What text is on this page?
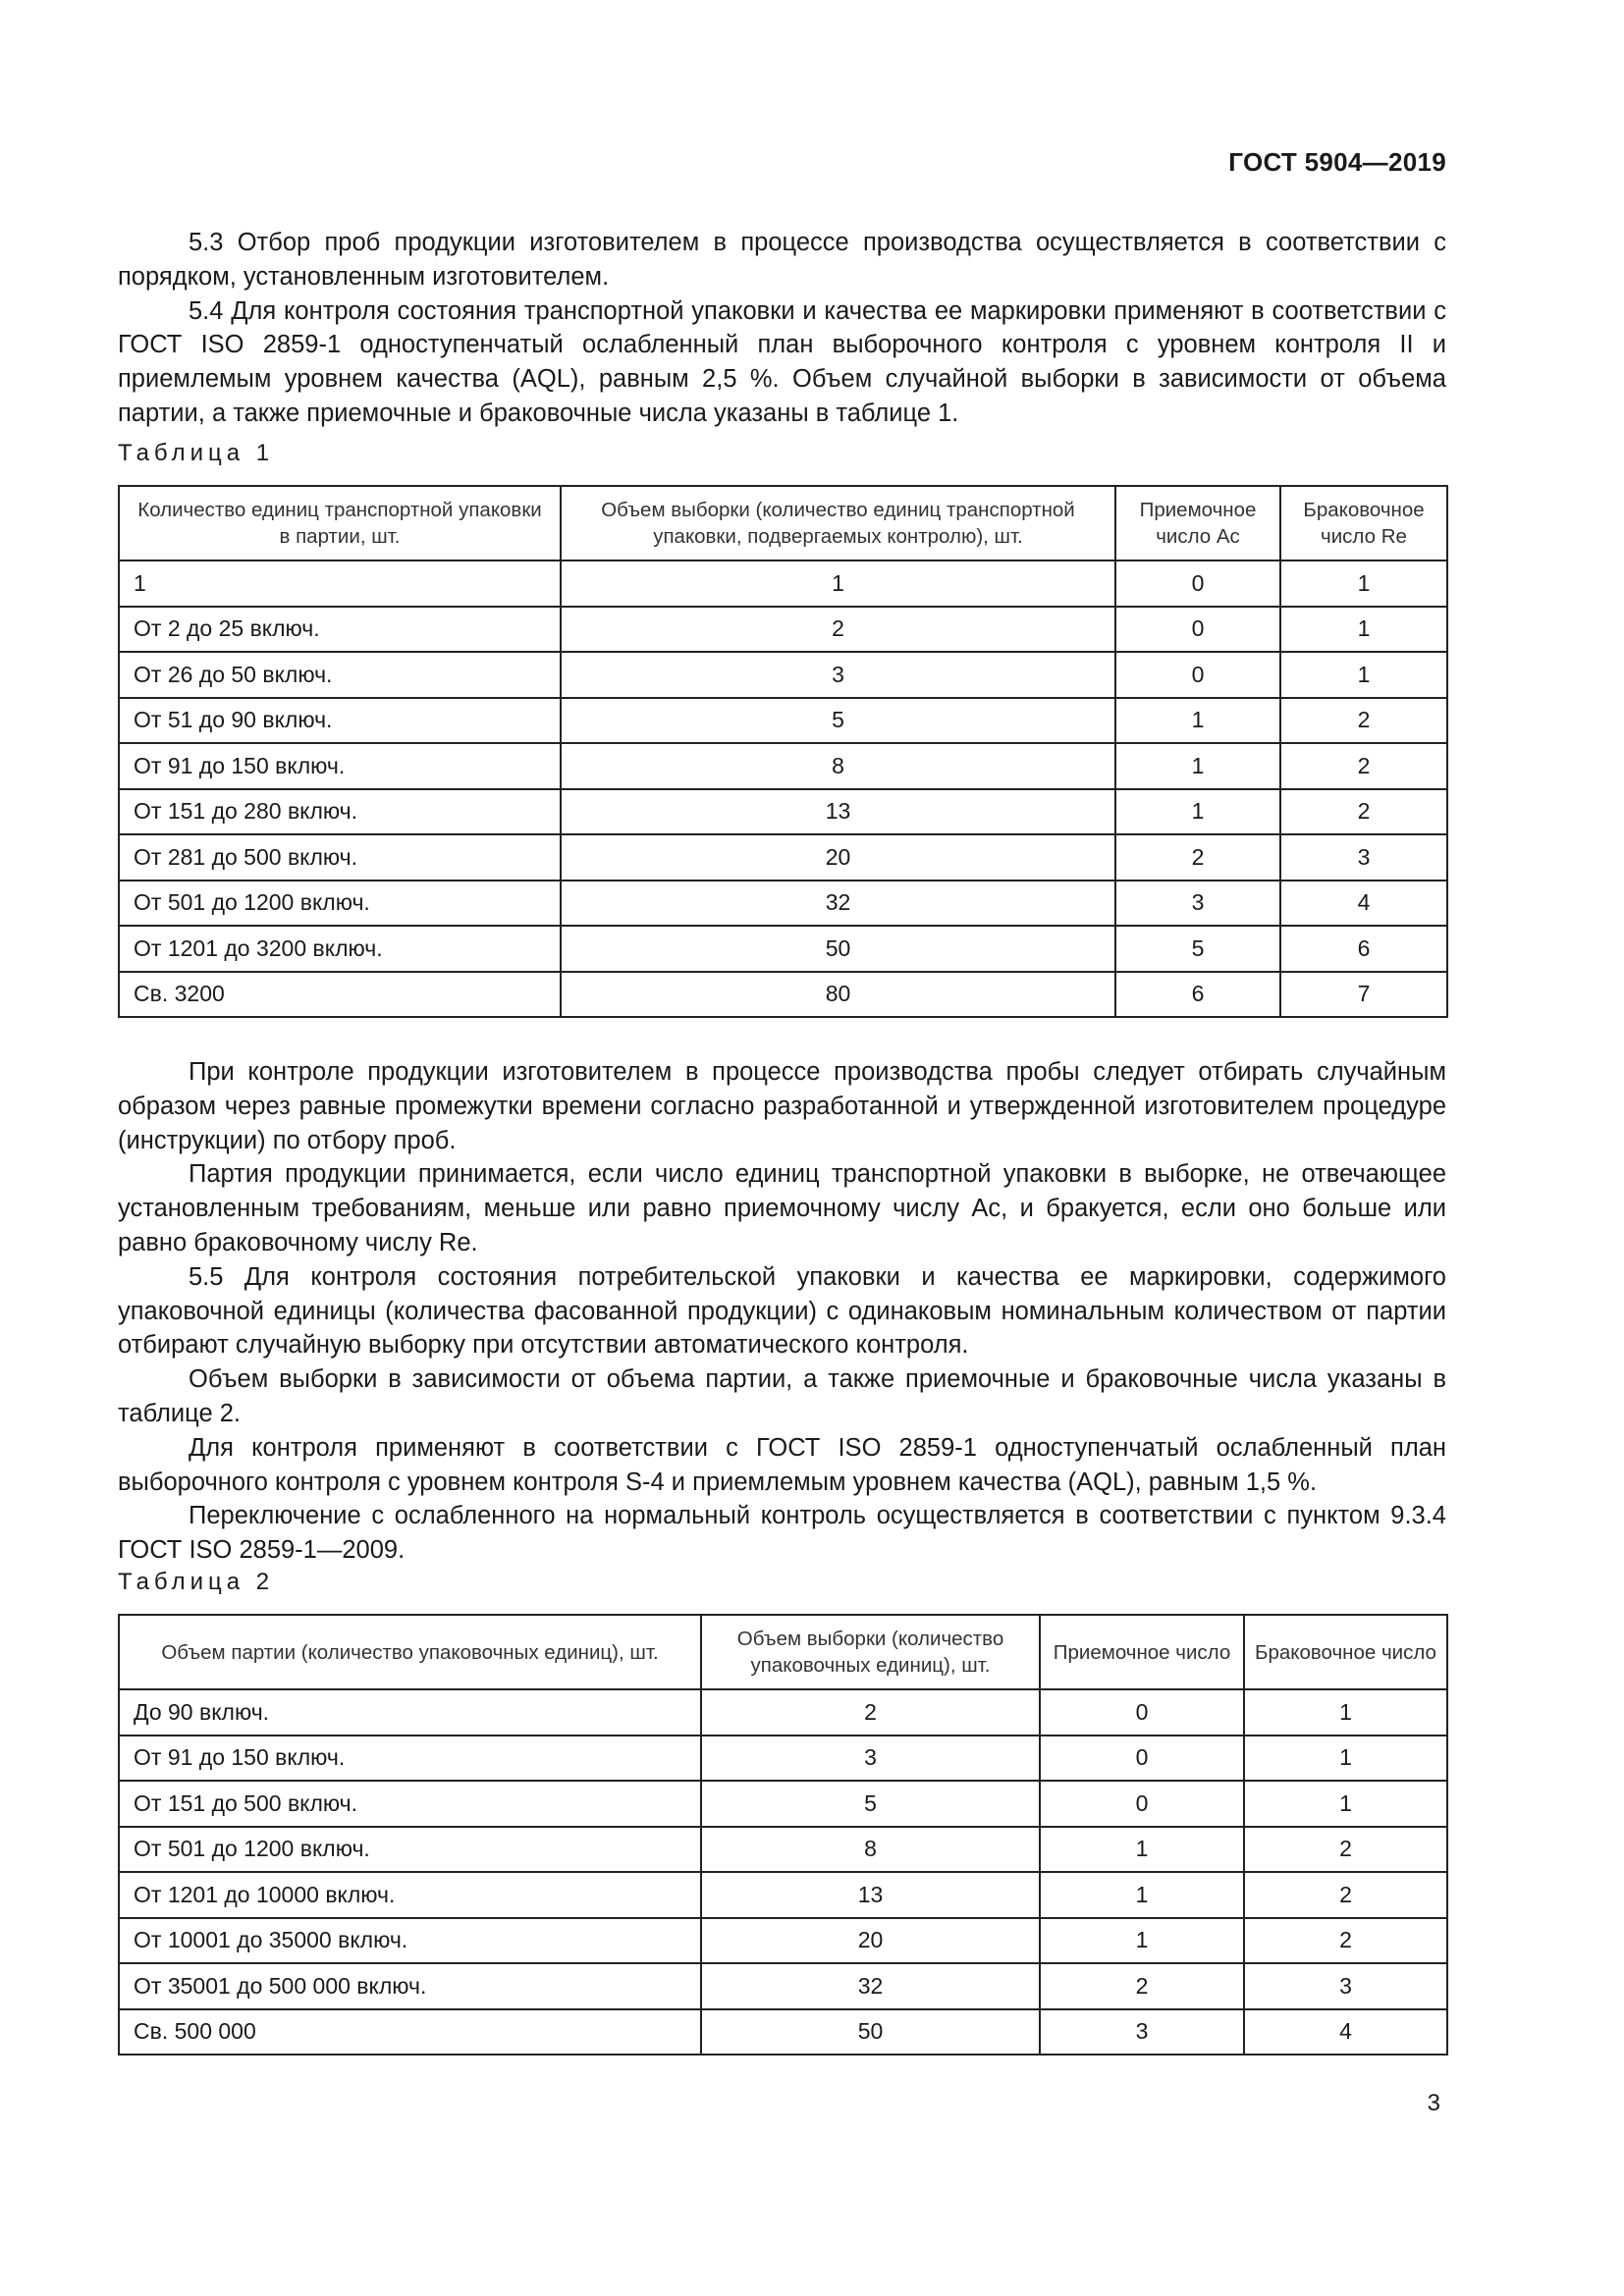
ГОСТ 5904—2019

5.3 Отбор проб продукции изготовителем в процессе производства осуществляется в соответствии с порядком, установленным изготовителем.

5.4 Для контроля состояния транспортной упаковки и качества ее маркировки применяют в соответствии с ГОСТ ISO 2859-1 одноступенчатый ослабленный план выборочного контроля с уровнем контроля II и приемлемым уровнем качества (AQL), равным 2,5 %. Объем случайной выборки в зависимости от объема партии, а также приемочные и браковочные числа указаны в таблице 1.

Таблица 1
Количество единиц транспортной упаковки в партии, шт.	Объем выборки (количество единиц транспортной упаковки, подвергаемых контролю), шт.	Приемочное число Ac	Браковочное число Re
1	1	0	1
От 2 до 25 включ.	2	0	1
От 26 до 50 включ.	3	0	1
От 51 до 90 включ.	5	1	2
От 91 до 150 включ.	8	1	2
От 151 до 280 включ.	13	1	2
От 281 до 500 включ.	20	2	3
От 501 до 1200 включ.	32	3	4
От 1201 до 3200 включ.	50	5	6
Св. 3200	80	6	7

При контроле продукции изготовителем в процессе производства пробы следует отбирать случайным образом через равные промежутки времени согласно разработанной и утвержденной изготовителем процедуре (инструкции) по отбору проб.

Партия продукции принимается, если число единиц транспортной упаковки в выборке, не отвечающее установленным требованиям, меньше или равно приемочному числу Ac, и бракуется, если оно больше или равно браковочному числу Re.

5.5 Для контроля состояния потребительской упаковки и качества ее маркировки, содержимого упаковочной единицы (количества фасованной продукции) с одинаковым номинальным количеством от партии отбирают случайную выборку при отсутствии автоматического контроля.

Объем выборки в зависимости от объема партии, а также приемочные и браковочные числа указаны в таблице 2.

Для контроля применяют в соответствии с ГОСТ ISO 2859-1 одноступенчатый ослабленный план выборочного контроля с уровнем контроля S-4 и приемлемым уровнем качества (AQL), равным 1,5 %.

Переключение с ослабленного на нормальный контроль осуществляется в соответствии с пунктом 9.3.4 ГОСТ ISO 2859-1—2009.

Таблица 2
Объем партии (количество упаковочных единиц), шт.	Объем выборки (количество упаковочных единиц), шт.	Приемочное число	Браковочное число
До 90 включ.	2	0	1
От 91 до 150 включ.	3	0	1
От 151 до 500 включ.	5	0	1
От 501 до 1200 включ.	8	1	2
От 1201 до 10000 включ.	13	1	2
От 10001 до 35000 включ.	20	1	2
От 35001 до 500 000 включ.	32	2	3
Св. 500 000	50	3	4
3
